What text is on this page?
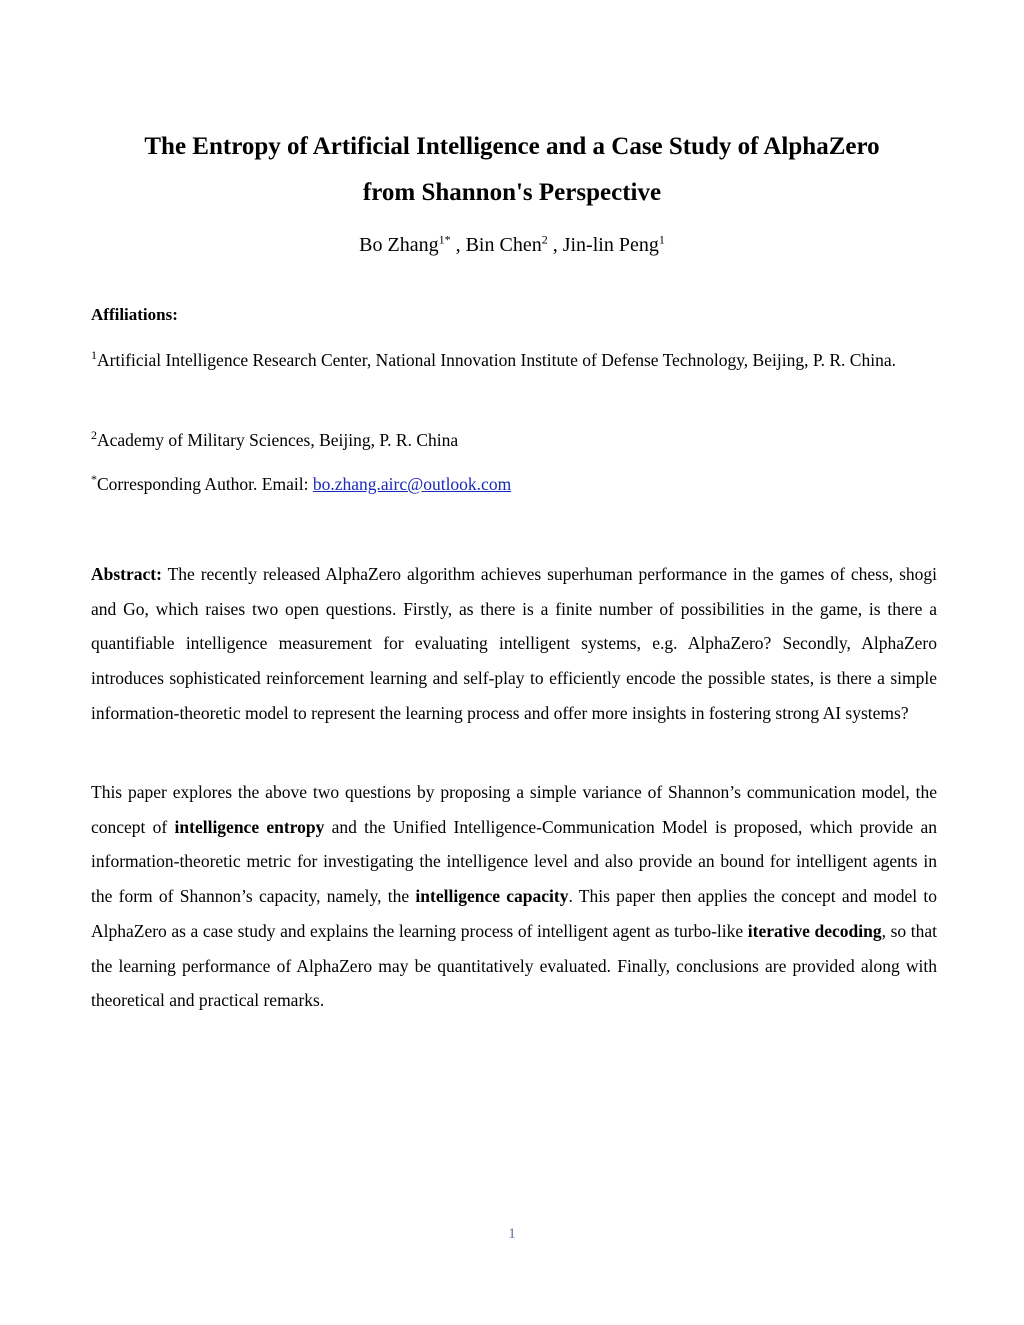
The Entropy of Artificial Intelligence and a Case Study of AlphaZero
from Shannon's Perspective
Bo Zhang$^{1*}$ , Bin Chen$^2$ , Jin-lin Peng$^1$
Affiliations:
$^1$Artificial Intelligence Research Center, National Innovation Institute of Defense Technology, Beijing, P. R. China.
$^2$Academy of Military Sciences, Beijing, P. R. China
*Corresponding Author. Email: bo.zhang.airc@outlook.com
Abstract: The recently released AlphaZero algorithm achieves superhuman performance in the games of chess, shogi and Go, which raises two open questions. Firstly, as there is a finite number of possibilities in the game, is there a quantifiable intelligence measurement for evaluating intelligent systems, e.g. AlphaZero? Secondly, AlphaZero introduces sophisticated reinforcement learning and self-play to efficiently encode the possible states, is there a simple information-theoretic model to represent the learning process and offer more insights in fostering strong AI systems?
This paper explores the above two questions by proposing a simple variance of Shannon’s communication model, the concept of intelligence entropy and the Unified Intelligence-Communication Model is proposed, which provide an information-theoretic metric for investigating the intelligence level and also provide an bound for intelligent agents in the form of Shannon’s capacity, namely, the intelligence capacity. This paper then applies the concept and model to AlphaZero as a case study and explains the learning process of intelligent agent as turbo-like iterative decoding, so that the learning performance of AlphaZero may be quantitatively evaluated. Finally, conclusions are provided along with theoretical and practical remarks.
1
